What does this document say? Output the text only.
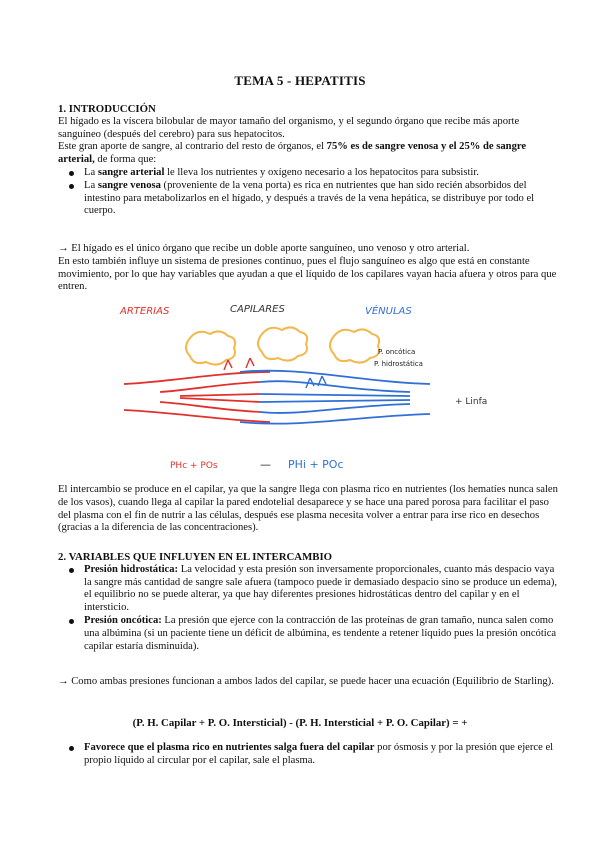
TEMA 5 - HEPATITIS
1. INTRODUCCIÓN
El hígado es la víscera bilobular de mayor tamaño del organismo, y el segundo órgano que recibe más aporte sanguíneo (después del cerebro) para sus hepatocitos.
Este gran aporte de sangre, al contrario del resto de órganos, el 75% es de sangre venosa y el 25% de sangre arterial, de forma que:
La sangre arterial le lleva los nutrientes y oxígeno necesario a los hepatocitos para subsistir.
La sangre venosa (proveniente de la vena porta) es rica en nutrientes que han sido recién absorbidos del intestino para metabolizarlos en el hígado, y después a través de la vena hepática, se distribuye por todo el cuerpo.
→ El hígado es el único órgano que recibe un doble aporte sanguíneo, uno venoso y otro arterial.
En esto también influye un sistema de presiones continuo, pues el flujo sanguíneo es algo que está en constante movimiento, por lo que hay variables que ayudan a que el líquido de los capilares vayan hacia afuera y otros para que entren.
ARTERIAS	CAPILARES	VÉNULAS
P. oncótica
P. hidrostática
+ Linfa
PHc + POs	— PHi + POc
El intercambio se produce en el capilar, ya que la sangre llega con plasma rico en nutrientes (los hematíes nunca salen de los vasos), cuando llega al capilar la pared endotelial desaparece y se hace una pared porosa para facilitar el paso del plasma con el fin de nutrir a las células, después ese plasma necesita volver a entrar para irse rico en desechos (gracias a la diferencia de las concentraciones).
2. VARIABLES QUE INFLUYEN EN EL INTERCAMBIO
Presión hidrostática: La velocidad y esta presión son inversamente proporcionales, cuanto más despacio vaya la sangre más cantidad de sangre sale afuera (tampoco puede ir demasiado despacio sino se produce un edema), el equilibrio no se puede alterar, ya que hay diferentes presiones hidrostáticas dentro del capilar y en el intersticio.
Presión oncótica: La presión que ejerce con la contracción de las proteínas de gran tamaño, nunca salen como una albúmina (si un paciente tiene un déficit de albúmina, es tendente a retener líquido pues la presión oncótica capilar estaría disminuida).
→ Como ambas presiones funcionan a ambos lados del capilar, se puede hacer una ecuación (Equilibrio de Starling).
(P. H. Capilar + P. O. Intersticial) - (P. H. Intersticial + P. O. Capilar) = +
Favorece que el plasma rico en nutrientes salga fuera del capilar por ósmosis y por la presión que ejerce el propio líquido al circular por el capilar, sale el plasma.
